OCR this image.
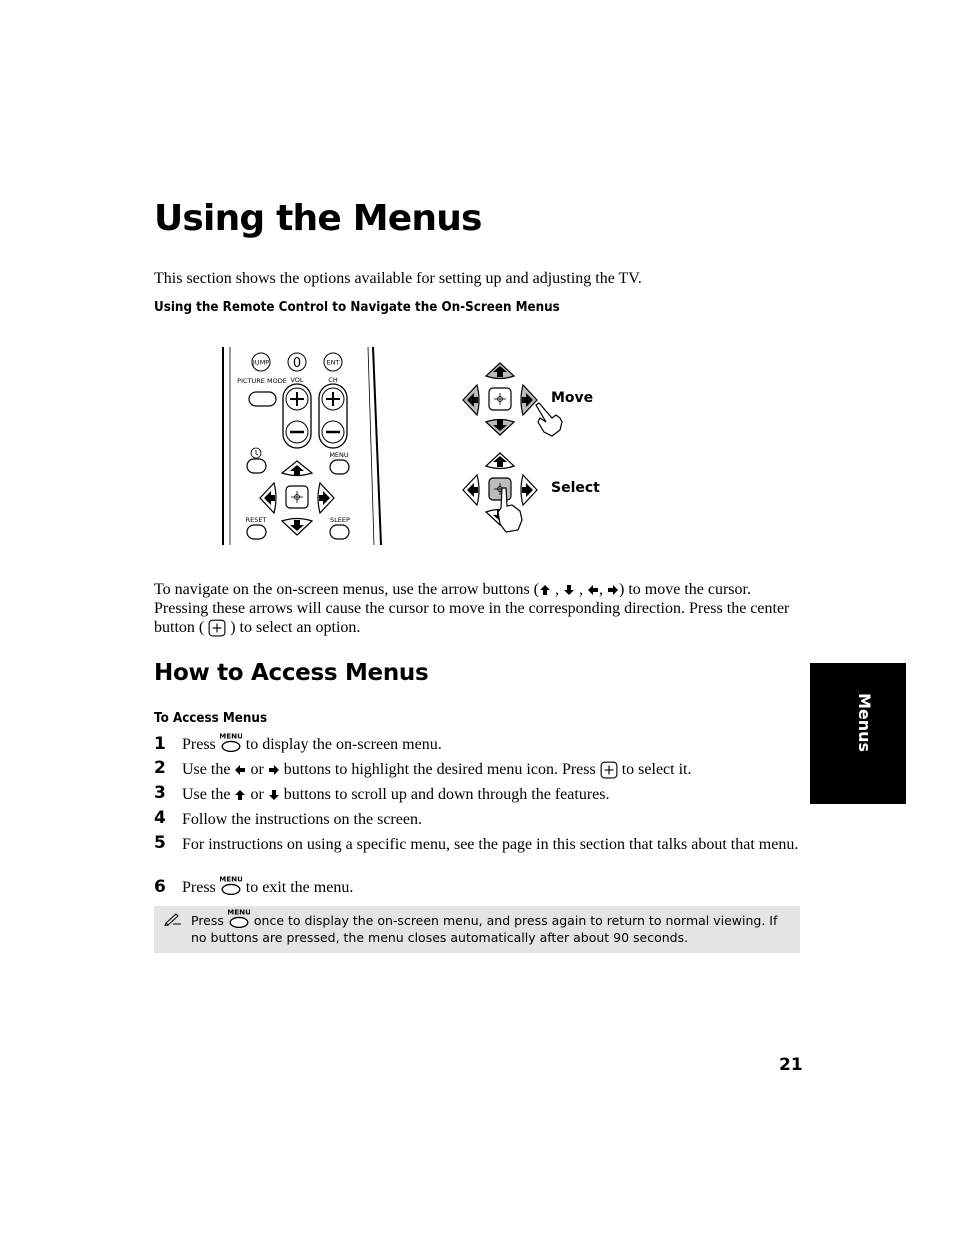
Using the Menus
This section shows the options available for setting up and adjusting the TV.
Using the Remote Control to Navigate the On-Screen Menus
JUMP 0	ENT
PICTURE MODE VOL	CH
MENU
RESET	SLEEP
Move
Select
To navigate on the on-screen menus, use the arrow buttons ( ,  , , ) to move the cursor. Pressing these arrows will cause the cursor to move in the corresponding direction. Press the center button ( ) to select an option.
How to Access Menus
To Access Menus
1 Press to display the on-screen menu.
2 Use the or buttons to highlight the desired menu icon. Press to select it.
3 Use the or buttons to scroll up and down through the features.
4 Follow the instructions on the screen.
5 For instructions on using a specific menu, see the page in this section that talks about that menu.
6 Press to exit the menu.
Press once to display the on-screen menu, and press again to return to normal viewing. If no buttons are pressed, the menu closes automatically after about 90 seconds.
Menus
21
